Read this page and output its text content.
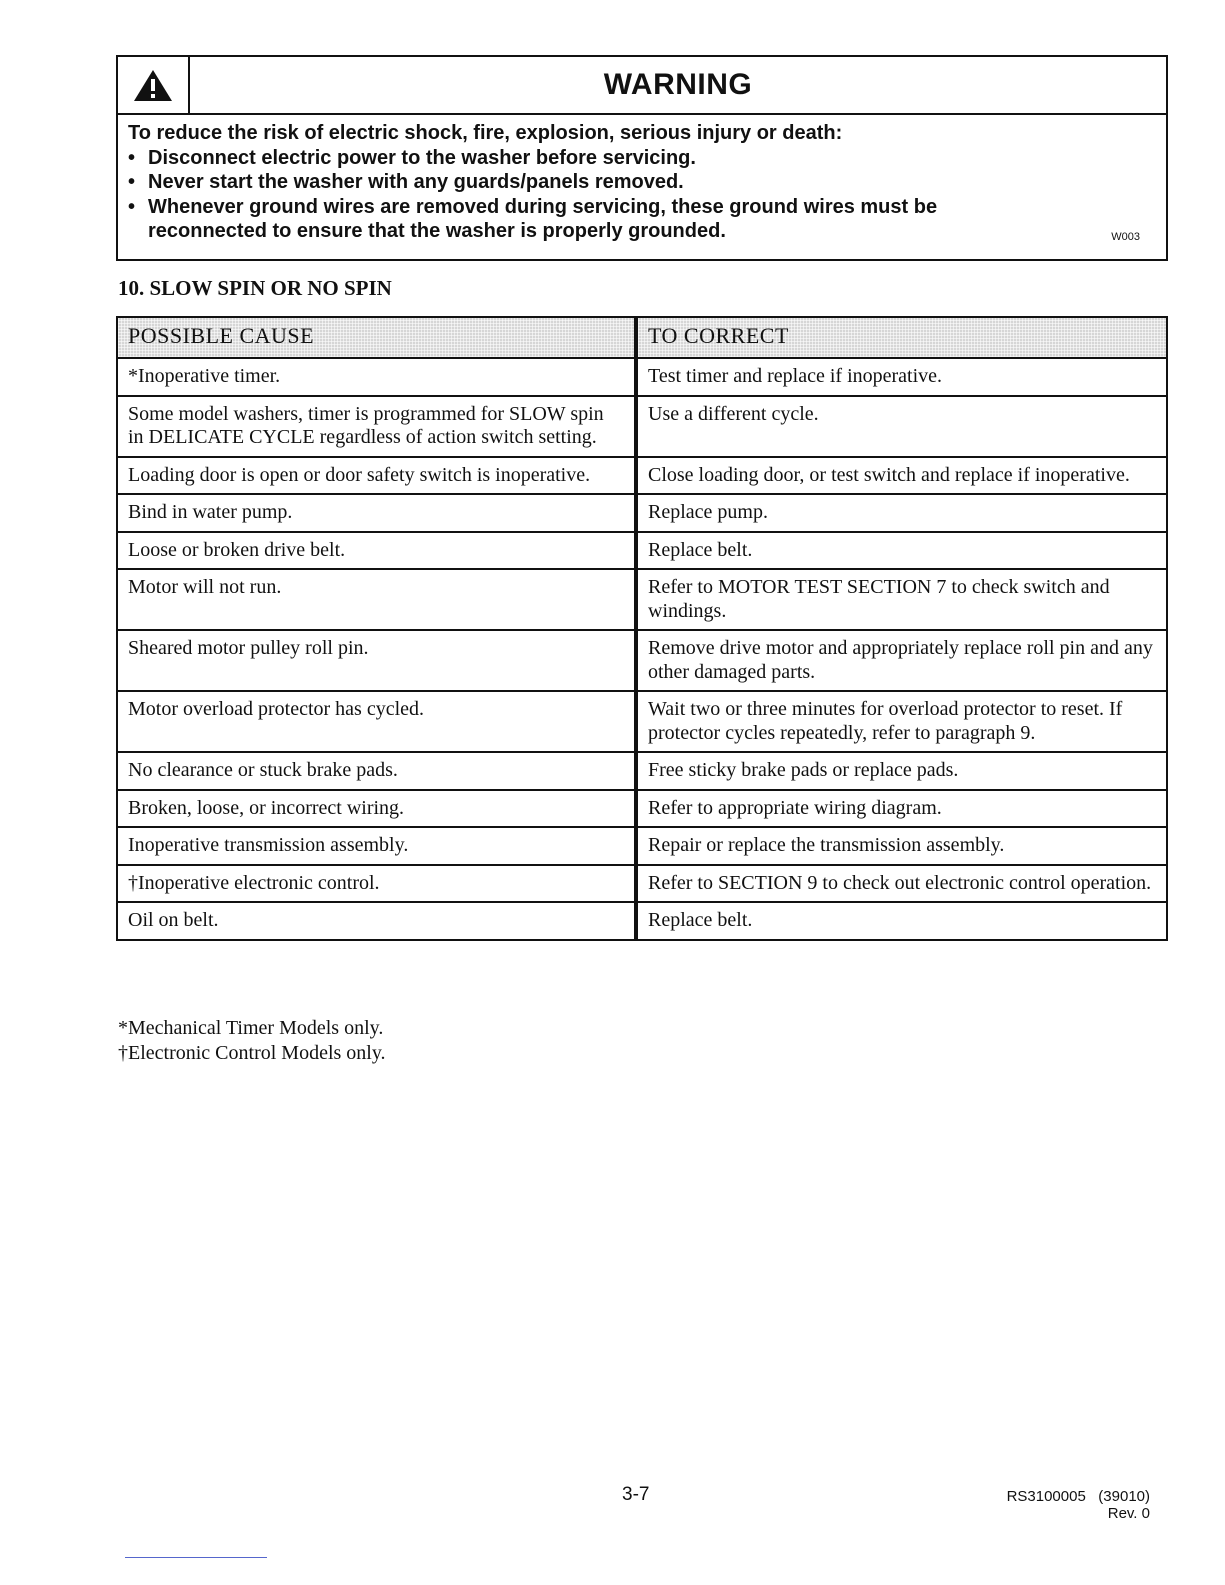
WARNING
To reduce the risk of electric shock, fire, explosion, serious injury or death:
• Disconnect electric power to the washer before servicing.
• Never start the washer with any guards/panels removed.
• Whenever ground wires are removed during servicing, these ground wires must be
reconnected to ensure that the washer is properly grounded.	W003
10. SLOW SPIN OR NO SPIN
POSSIBLE CAUSE	TO CORRECT
*Inoperative timer.	Test timer and replace if inoperative.
Some model washers, timer is programmed for SLOW spin in DELICATE CYCLE regardless of action switch setting.	Use a different cycle.
Loading door is open or door safety switch is inoperative.	Close loading door, or test switch and replace if inoperative.
Bind in water pump.	Replace pump.
Loose or broken drive belt.	Replace belt.
Motor will not run.	Refer to MOTOR TEST SECTION 7 to check switch and windings.
Sheared motor pulley roll pin.	Remove drive motor and appropriately replace roll pin and any other damaged parts.
Motor overload protector has cycled.	Wait two or three minutes for overload protector to reset. If protector cycles repeatedly, refer to paragraph 9.
No clearance or stuck brake pads.	Free sticky brake pads or replace pads.
Broken, loose, or incorrect wiring.	Refer to appropriate wiring diagram.
Inoperative transmission assembly.	Repair or replace the transmission assembly.
†Inoperative electronic control.	Refer to SECTION 9 to check out electronic control operation.
Oil on belt.	Replace belt.
*Mechanical Timer Models only.
†Electronic Control Models only.
3-7	RS3100005   (39010)
Rev. 0
